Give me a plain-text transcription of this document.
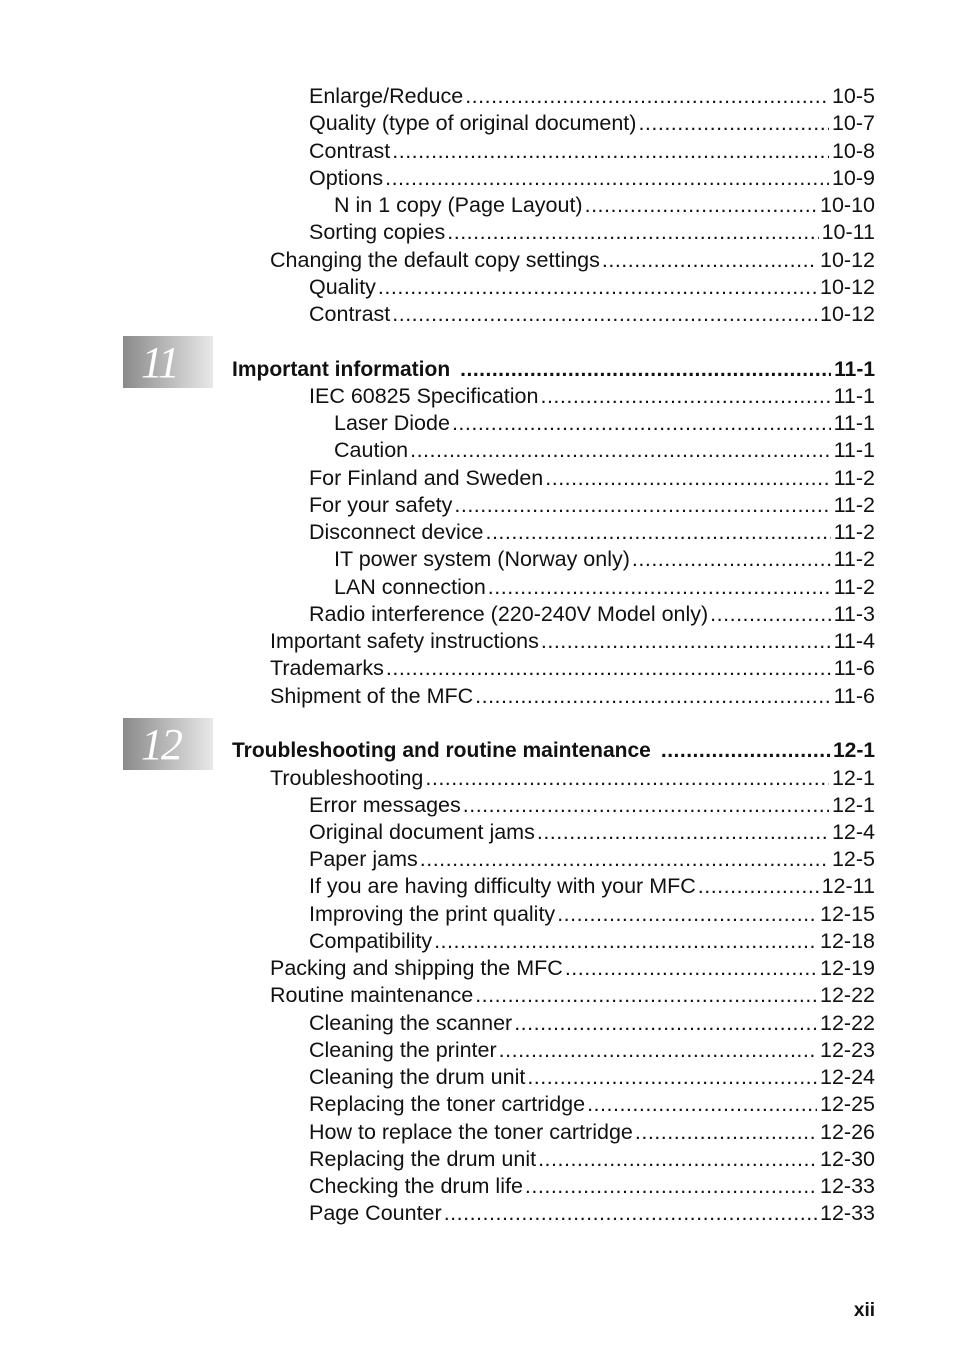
11
12
Enlarge/Reduce .....	10-5
Quality (type of original document) .....	10-7
Contrast .....	10-8
Options .....	10-9
N in 1 copy (Page Layout) .....	10-10
Sorting copies .....	10-11
Changing the default copy settings .....	10-12
Quality .....	10-12
Contrast .....	10-12
Important information .....	11-1
IEC 60825 Specification .....	11-1
Laser Diode .....	11-1
Caution .....	11-1
For Finland and Sweden .....	11-2
For your safety .....	11-2
Disconnect device .....	11-2
IT power system (Norway only) .....	11-2
LAN connection .....	11-2
Radio interference (220-240V Model only) .....	11-3
Important safety instructions .....	11-4
Trademarks .....	11-6
Shipment of the MFC .....	11-6
Troubleshooting and routine maintenance .....	12-1
Troubleshooting .....	12-1
Error messages .....	12-1
Original document jams .....	12-4
Paper jams .....	12-5
If you are having difficulty with your MFC .....	12-11
Improving the print quality .....	12-15
Compatibility .....	12-18
Packing and shipping the MFC .....	12-19
Routine maintenance .....	12-22
Cleaning the scanner .....	12-22
Cleaning the printer .....	12-23
Cleaning the drum unit .....	12-24
Replacing the toner cartridge .....	12-25
How to replace the toner cartridge .....	12-26
Replacing the drum unit .....	12-30
Checking the drum life .....	12-33
Page Counter .....	12-33
xii
